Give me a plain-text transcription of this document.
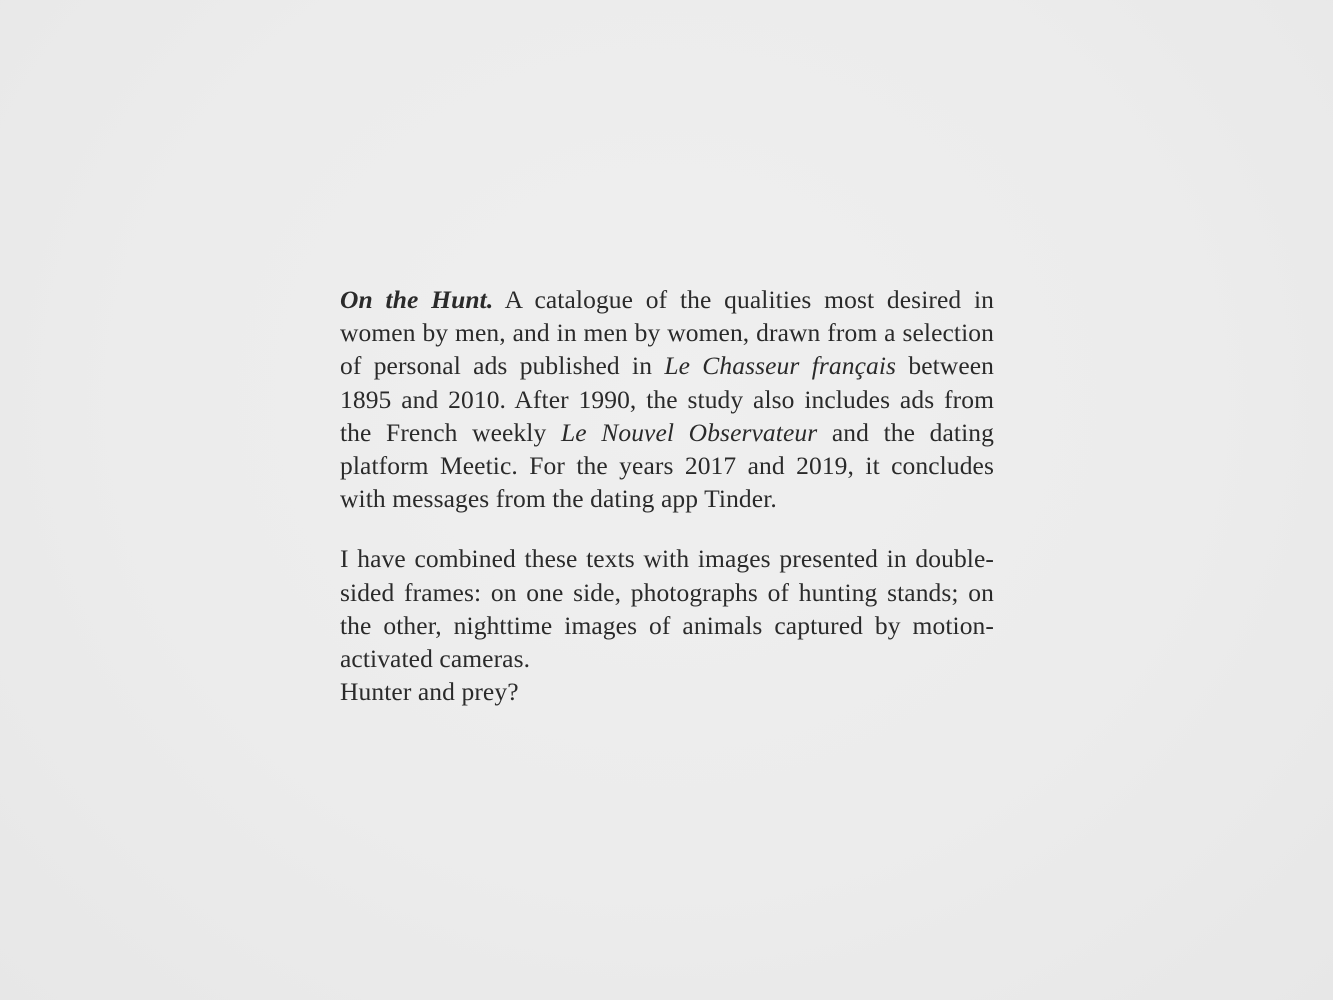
On the Hunt. A catalogue of the qualities most desired in women by men, and in men by women, drawn from a selection of personal ads published in Le Chasseur français between 1895 and 2010. After 1990, the study also includes ads from the French weekly Le Nouvel Observateur and the dating platform Meetic. For the years 2017 and 2019, it concludes with messages from the dating app Tinder.

I have combined these texts with images presented in double-sided frames: on one side, photographs of hunting stands; on the other, nighttime images of animals captured by motion-activated cameras.
Hunter and prey?
